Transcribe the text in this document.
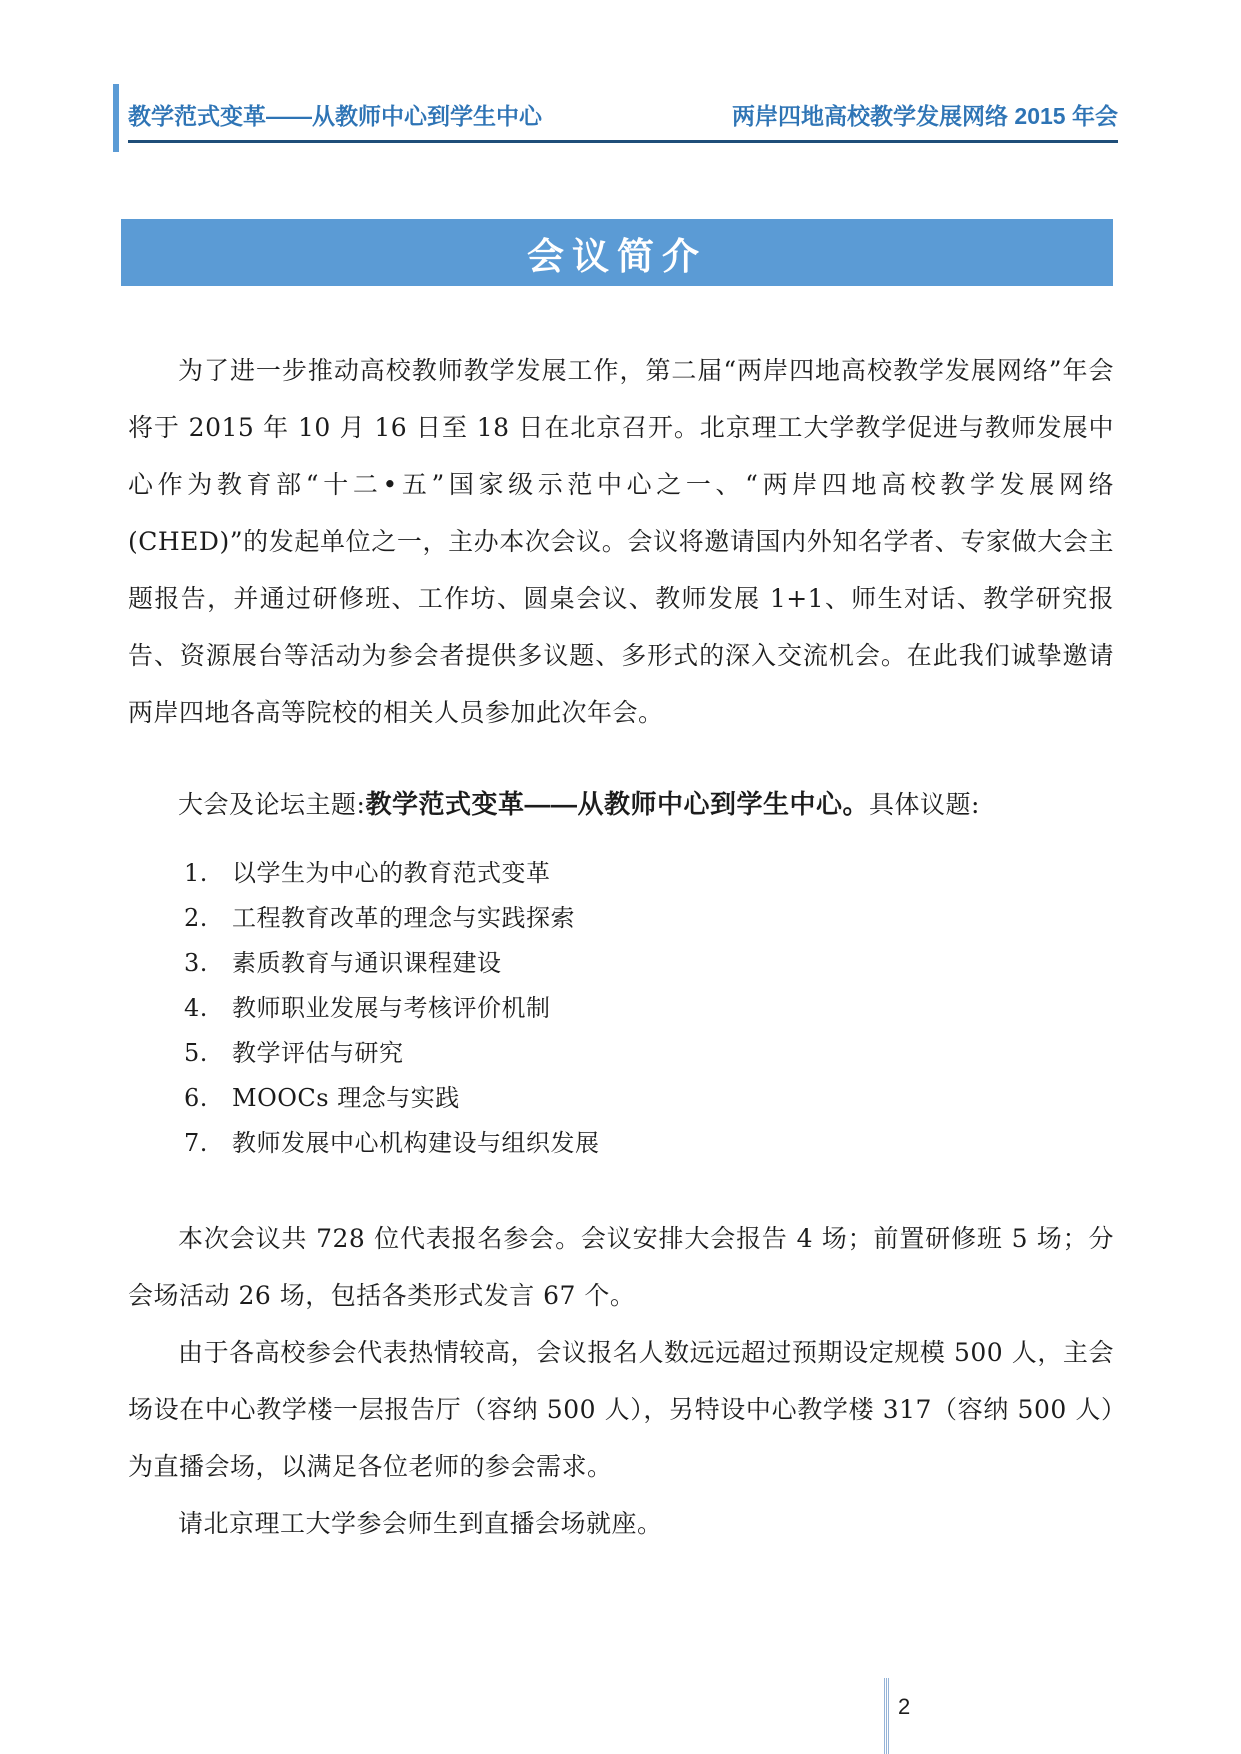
教学范式变革——从教师中心到学生中心	两岸四地高校教学发展网络 2015 年会
会议简介

为了进一步推动高校教师教学发展工作，第二届“两岸四地高校教学发展网络”年会将于 2015 年 10 月 16 日至 18 日在北京召开。北京理工大学教学促进与教师发展中心作为教育部“十二•五”国家级示范中心之一、“两岸四地高校教学发展网络(CHED)”的发起单位之一，主办本次会议。会议将邀请国内外知名学者、专家做大会主题报告，并通过研修班、工作坊、圆桌会议、教师发展 1+1、师生对话、教学研究报告、资源展台等活动为参会者提供多议题、多形式的深入交流机会。在此我们诚挚邀请两岸四地各高等院校的相关人员参加此次年会。

大会及论坛主题:教学范式变革——从教师中心到学生中心。具体议题:

1. 以学生为中心的教育范式变革
2. 工程教育改革的理念与实践探索
3. 素质教育与通识课程建设
4. 教师职业发展与考核评价机制
5. 教学评估与研究
6. MOOCs 理念与实践
7. 教师发展中心机构建设与组织发展

本次会议共 728 位代表报名参会。会议安排大会报告 4 场；前置研修班 5 场；分会场活动 26 场，包括各类形式发言 67 个。

由于各高校参会代表热情较高，会议报名人数远远超过预期设定规模 500 人，主会场设在中心教学楼一层报告厅（容纳 500 人），另特设中心教学楼 317（容纳 500 人）为直播会场，以满足各位老师的参会需求。

请北京理工大学参会师生到直播会场就座。

2
